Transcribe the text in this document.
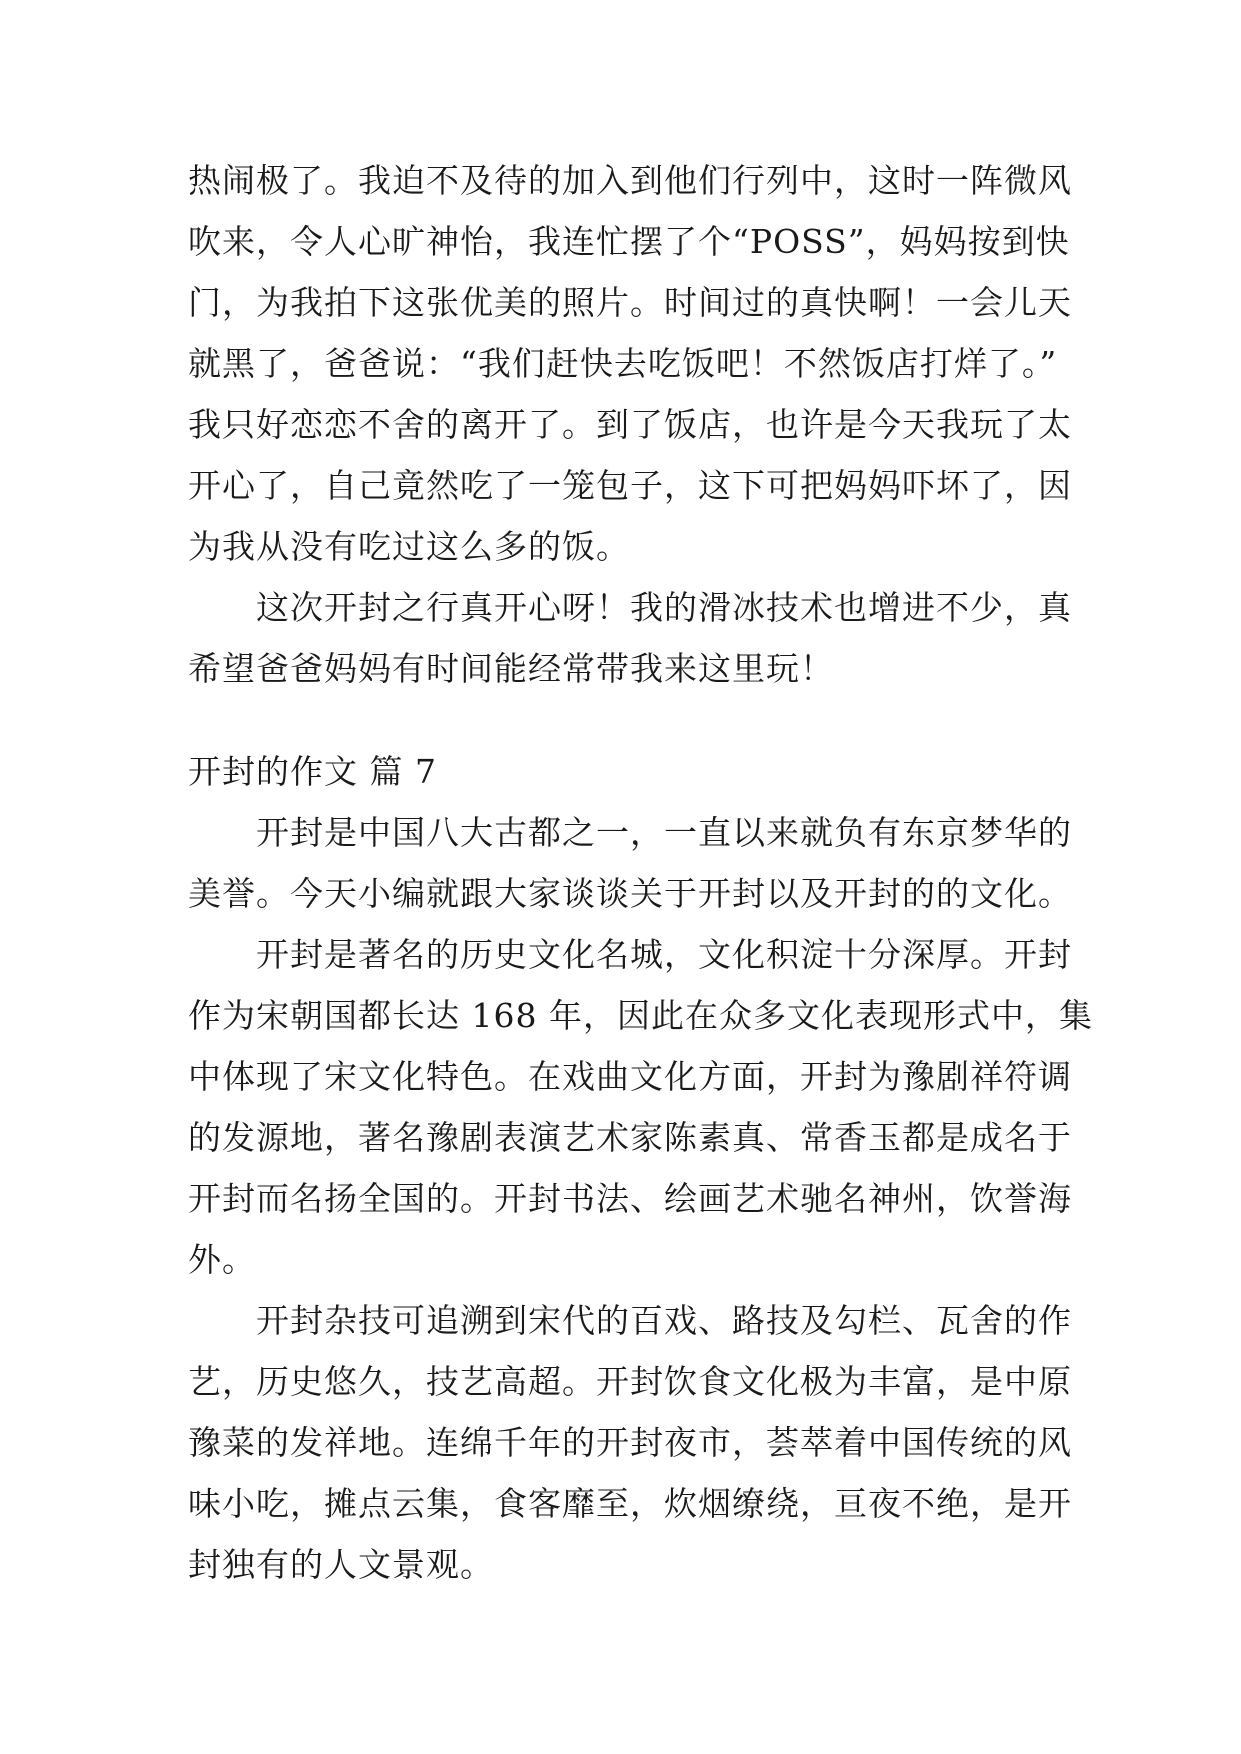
热闹极了。我迫不及待的加入到他们行列中，这时一阵微风
吹来，令人心旷神怡，我连忙摆了个“POSS”，妈妈按到快
门，为我拍下这张优美的照片。时间过的真快啊！一会儿天
就黑了，爸爸说：“我们赶快去吃饭吧！不然饭店打烊了。”
我只好恋恋不舍的离开了。到了饭店，也许是今天我玩了太
开心了，自己竟然吃了一笼包子，这下可把妈妈吓坏了，因
为我从没有吃过这么多的饭。
这次开封之行真开心呀！我的滑冰技术也增进不少，真
希望爸爸妈妈有时间能经常带我来这里玩！
开封的作文 篇 7
开封是中国八大古都之一，一直以来就负有东京梦华的
美誉。今天小编就跟大家谈谈关于开封以及开封的的文化。
开封是著名的历史文化名城，文化积淀十分深厚。开封
作为宋朝国都长达 168 年，因此在众多文化表现形式中，集
中体现了宋文化特色。在戏曲文化方面，开封为豫剧祥符调
的发源地，著名豫剧表演艺术家陈素真、常香玉都是成名于
开封而名扬全国的。开封书法、绘画艺术驰名神州，饮誉海
外。
开封杂技可追溯到宋代的百戏、路技及勾栏、瓦舍的作
艺，历史悠久，技艺高超。开封饮食文化极为丰富，是中原
豫菜的发祥地。连绵千年的开封夜市，荟萃着中国传统的风
味小吃，摊点云集，食客靡至，炊烟缭绕，亘夜不绝，是开
封独有的人文景观。
